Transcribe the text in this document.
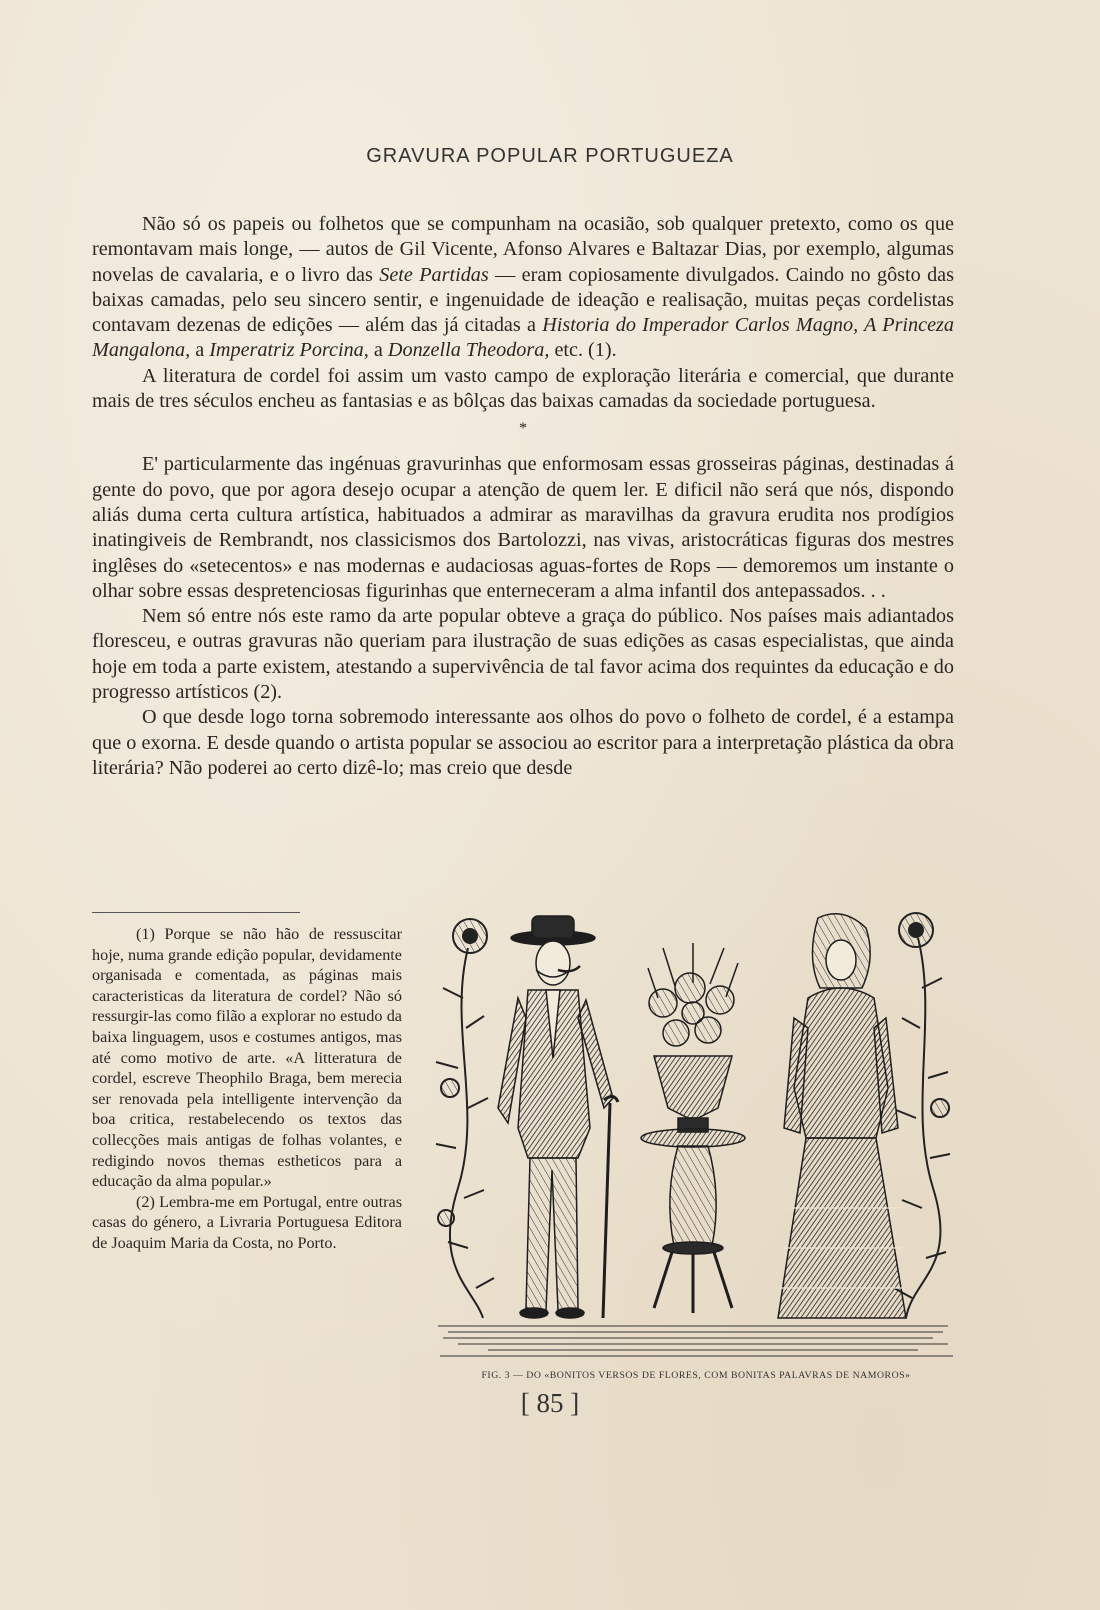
GRAVURA POPULAR PORTUGUEZA

Não só os papeis ou folhetos que se compunham na ocasião, sob qualquer pretexto, como os que remontavam mais longe, — autos de Gil Vicente, Afonso Alvares e Baltazar Dias, por exemplo, algumas novelas de cavalaria, e o livro das Sete Partidas — eram copiosamente divulgados. Caindo no gôsto das baixas camadas, pelo seu sincero sentir, e ingenuidade de ideação e realisação, muitas peças cordelistas contavam dezenas de edições — além das já citadas a Historia do Imperador Carlos Magno, A Princeza Mangalona, a Imperatriz Porcina, a Donzella Theodora, etc. (1).

A literatura de cordel foi assim um vasto campo de exploração literária e comercial, que durante mais de tres séculos encheu as fantasias e as bôlças das baixas camadas da sociedade portuguesa.

*

E' particularmente das ingénuas gravurinhas que enformosam essas grosseiras páginas, destinadas á gente do povo, que por agora desejo ocupar a atenção de quem ler. E dificil não será que nós, dispondo aliás duma certa cultura artística, habituados a admirar as maravilhas da gravura erudita nos prodígios inatingiveis de Rembrandt, nos classicismos dos Bartolozzi, nas vivas, aristocráticas figuras dos mestres inglêses do «setecentos» e nas modernas e audaciosas aguas-fortes de Rops — demoremos um instante o olhar sobre essas despretenciosas figurinhas que enterneceram a alma infantil dos antepassados. . .

Nem só entre nós este ramo da arte popular obteve a graça do público. Nos países mais adiantados floresceu, e outras gravuras não queriam para ilustração de suas edições as casas especialistas, que ainda hoje em toda a parte existem, atestando a supervivência de tal favor acima dos requintes da educação e do progresso artísticos (2).

O que desde logo torna sobremodo interessante aos olhos do povo o folheto de cordel, é a estampa que o exorna. E desde quando o artista popular se associou ao escritor para a interpretação plástica da obra literária? Não poderei ao certo dizê-lo; mas creio que desde

(1) Porque se não hão de ressuscitar hoje, numa grande edição popular, devidamente organisada e comentada, as páginas mais caracteristicas da literatura de cordel? Não só ressurgir-las como filão a explorar no estudo da baixa linguagem, usos e costumes antigos, mas até como motivo de arte. «A litteratura de cordel, escreve Theophilo Braga, bem merecia ser renovada pela intelligente intervenção da boa critica, restabelecendo os textos das collecções mais antigas de folhas volantes, e redigindo novos themas estheticos para a educação da alma popular.»

(2) Lembra-me em Portugal, entre outras casas do género, a Livraria Portuguesa Editora de Joaquim Maria da Costa, no Porto.

FIG. 3 — DO «BONITOS VERSOS DE FLORES, COM BONITAS PALAVRAS DE NAMOROS»
[ 85 ]
